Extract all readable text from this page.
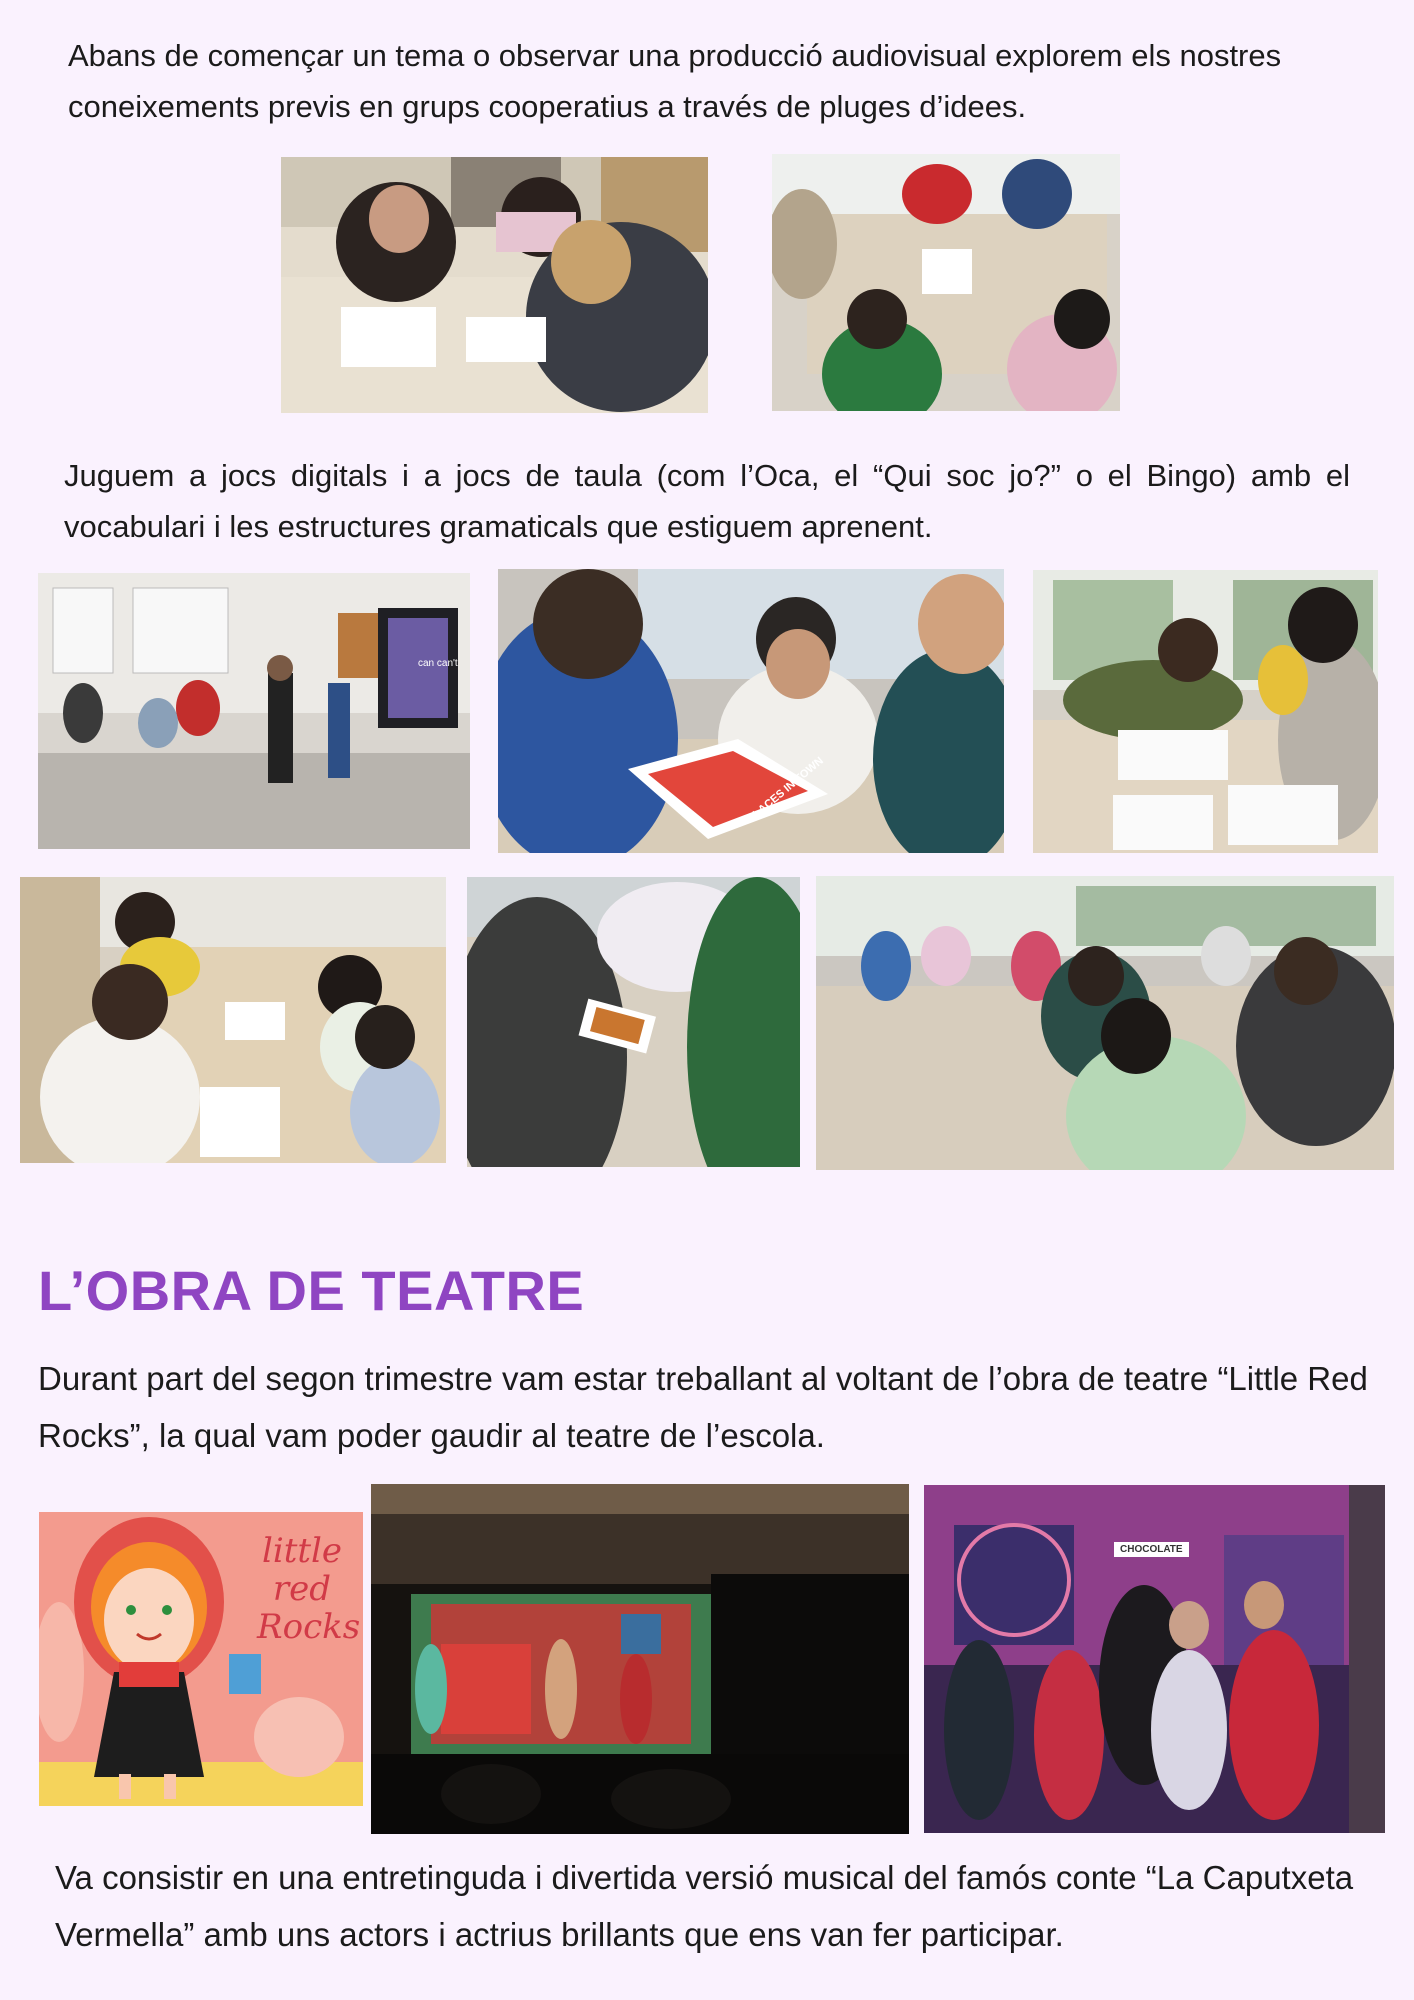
Abans de començar un tema o observar una producció audiovisual explorem els nostres coneixements previs en grups cooperatius a través de pluges d’idees.

Juguem a jocs digitals i a jocs de taula (com l’Oca, el “Qui soc jo?” o el Bingo) amb el vocabulari i les estructures gramaticals que estiguem aprenent.

can can't
PLACES IN TOWN
L’OBRA DE TEATRE

Durant part del segon trimestre vam estar treballant al voltant de l’obra de teatre “Little Red Rocks”, la qual vam poder gaudir al teatre de l’escola.

little
red
Rocks
CHOCOLATE

Va consistir en una entretinguda i divertida versió musical del famós conte “La Caputxeta Vermella” amb uns actors i actrius brillants que ens van fer participar.
